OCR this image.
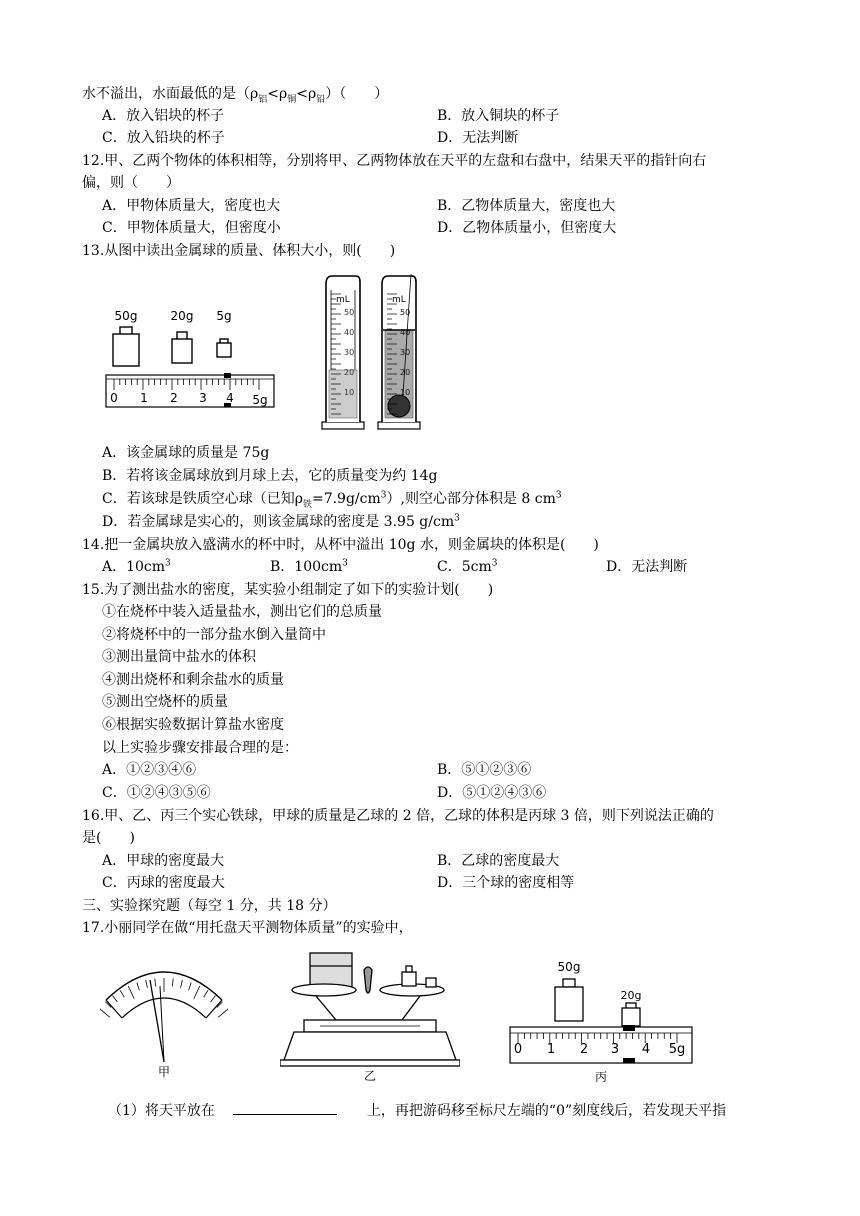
水不溢出，水面最低的是$(\rho_铝<\rho_铜<\rho_铅)$（　　）
A．放入铝块的杯子	B．放入铜块的杯子
C．放入铅块的杯子	D．无法判断
12.甲、乙两个物体的体积相等，分别将甲、乙两物体放在天平的左盘和右盘中，结果天平的指针向右
偏，则（　　）
A．甲物体质量大，密度也大	B．乙物体质量大，密度也大
C．甲物体质量大，但密度小	D．乙物体质量小，但密度大
13.从图中读出金属球的质量、体积大小，则(　　)
50g	20g 5g
0 1 2 3 4 5g
mL
50
40
30
20
10
mL
50
40
30
20
10
A．该金属球的质量是 75g
B．若将该金属球放到月球上去，它的质量变为约 14g
C．若该球是铁质空心球（已知$\rho_铁=7.9g/cm^3$）,则空心部分体积是 8 $cm^3$
D．若金属球是实心的，则该金属球的密度是 3.95 $g/cm^3$
14.把一金属块放入盛满水的杯中时，从杯中溢出 10g 水，则金属块的体积是(　　)
A．$10cm^3$	B．$100cm^3$	C．$5cm^3$	D．无法判断
15.为了测出盐水的密度，某实验小组制定了如下的实验计划(　　)
①在烧杯中装入适量盐水，测出它们的总质量
②将烧杯中的一部分盐水倒入量筒中
③测出量筒中盐水的体积
④测出烧杯和剩余盐水的质量
⑤测出空烧杯的质量
⑥根据实验数据计算盐水密度
以上实验步骤安排最合理的是：
A．①②③④⑥	B．⑤①②③⑥
C．①②④③⑤⑥	D．⑤①②④③⑥
16.甲、乙、丙三个实心铁球，甲球的质量是乙球的 2 倍，乙球的体积是丙球 3 倍，则下列说法正确的
是(　　)
A．甲球的密度最大	B．乙球的密度最大
C．丙球的密度最大	D．三个球的密度相等
三、实验探究题（每空 1 分，共 18 分）
17.小丽同学在做“用托盘天平测物体质量”的实验中，
甲	乙
50g
20g
0 1 2 3 4 5g
丙
（1）将天平放在	上，再把游码移至标尺左端的“0”刻度线后，若发现天平指
